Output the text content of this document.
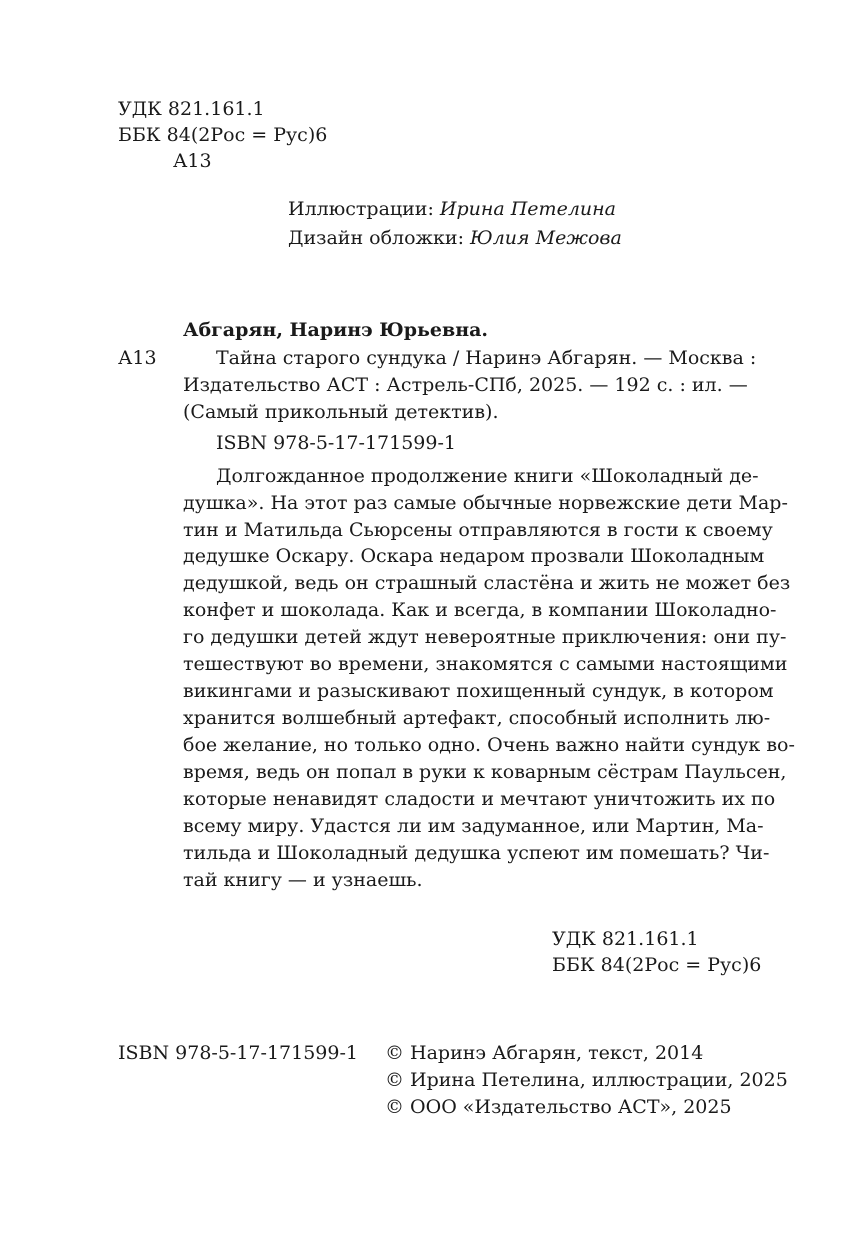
УДК 821.161.1
ББК 84(2Рос = Рус)6
А13
Иллюстрации: Ирина Петелина
Дизайн обложки: Юлия Межова
Абгарян, Наринэ Юрьевна.
А13	Тайна старого сундука / Наринэ Абгарян. — Москва :
Издательство АСТ : Астрель-СПб, 2025. — 192 с. : ил. —
(Самый прикольный детектив).
ISBN 978-5-17-171599-1
Долгожданное продолжение книги «Шоколадный де-
душка». На этот раз самые обычные норвежские дети Мар-
тин и Матильда Сьюрсены отправляются в гости к своему
дедушке Оскару. Оскара недаром прозвали Шоколадным
дедушкой, ведь он страшный сластёна и жить не может без
конфет и шоколада. Как и всегда, в компании Шоколадно-
го дедушки детей ждут невероятные приключения: они пу-
тешествуют во времени, знакомятся с самыми настоящими
викингами и разыскивают похищенный сундук, в котором
хранится волшебный артефакт, способный исполнить лю-
бое желание, но только одно. Очень важно найти сундук во-
время, ведь он попал в руки к коварным сёстрам Паульсен,
которые ненавидят сладости и мечтают уничтожить их по
всему миру. Удастся ли им задуманное, или Мартин, Ма-
тильда и Шоколадный дедушка успеют им помешать? Чи-
тай книгу — и узнаешь.
УДК 821.161.1
ББК 84(2Рос = Рус)6
ISBN 978-5-17-171599-1 © Наринэ Абгарян, текст, 2014
© Ирина Петелина, иллюстрации, 2025
© ООО «Издательство АСТ», 2025
